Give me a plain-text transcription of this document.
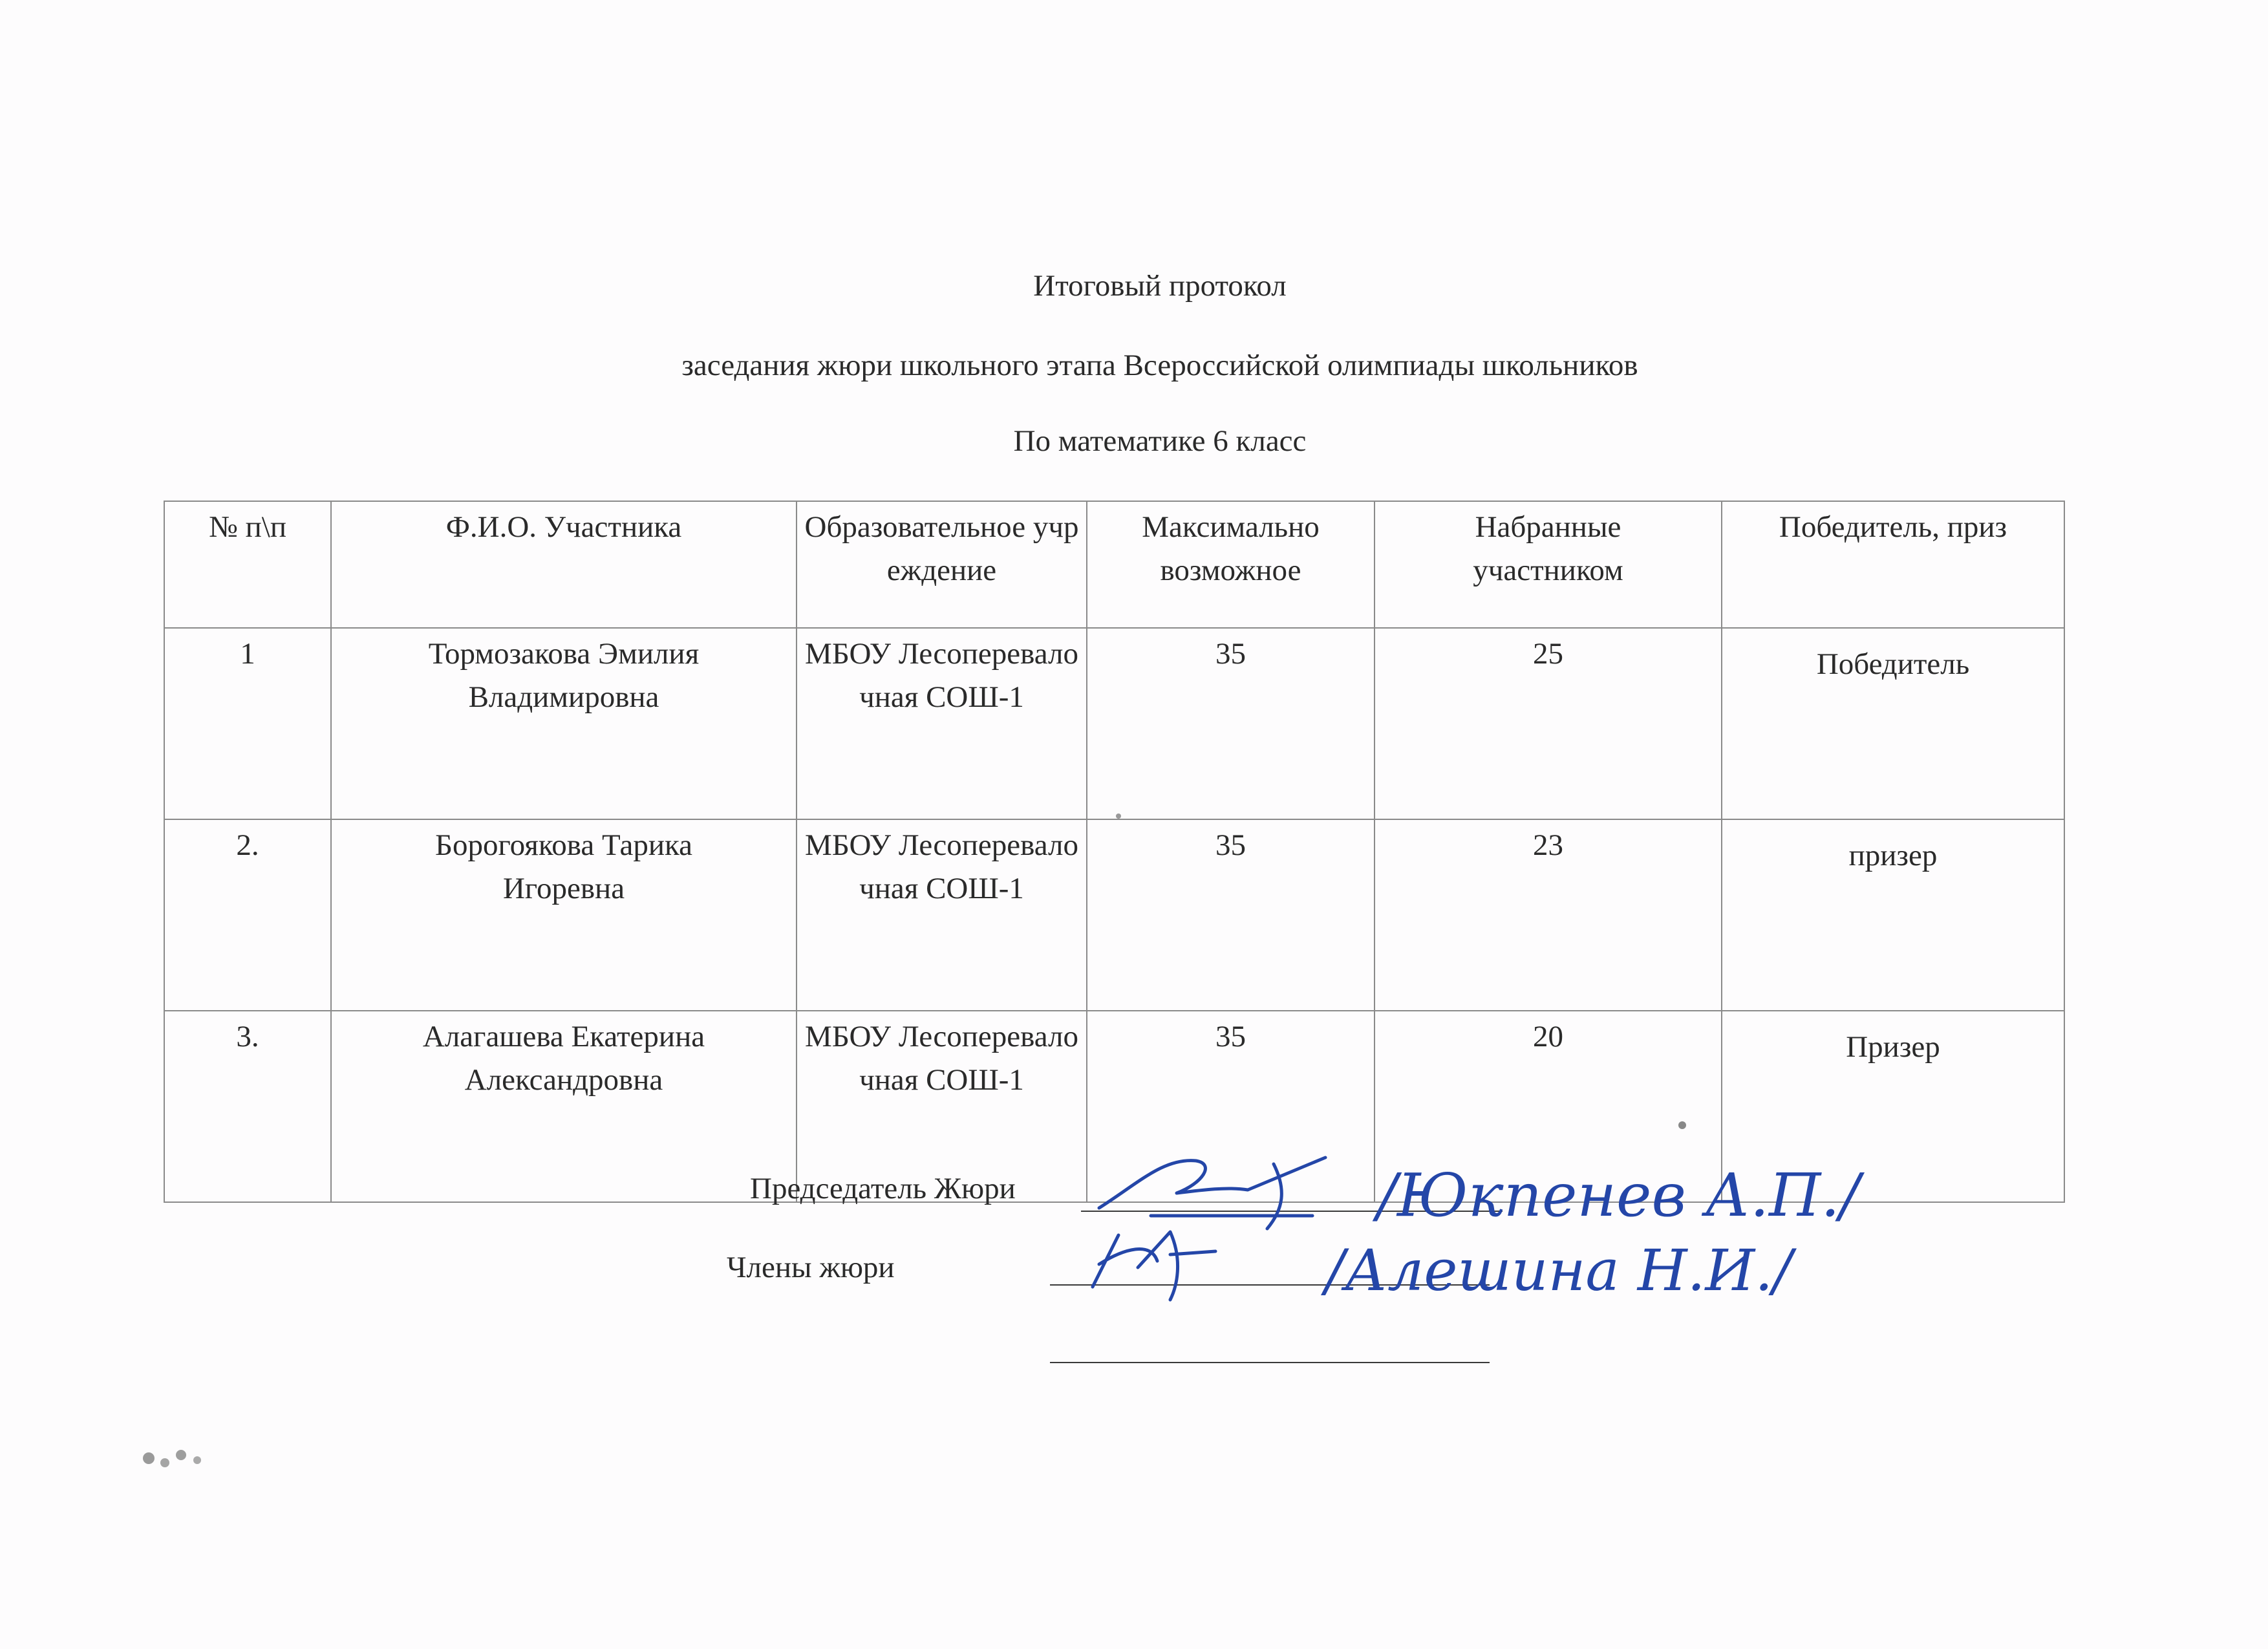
Итоговый протокол
заседания жюри школьного этапа Всероссийской олимпиады школьников
По математике 6 класс
№ п\п	Ф.И.О. Участника	Образовательное учреждение	Максимально возможное	Набранные участником	Победитель, приз
1	Тормозакова Эмилия Владимировна	МБОУ Лесоперевалочная СОШ-1	35	25	Победитель
2.	Борогоякова Тарика Игоревна	МБОУ Лесоперевалочная СОШ-1	35	23	призер
3.	Алагашева Екатерина Александровна	МБОУ Лесоперевалочная СОШ-1	35	20	Призер
Председатель Жюри
Члены жюри
/Юкпенев А.П./
/Алешина Н.И./
